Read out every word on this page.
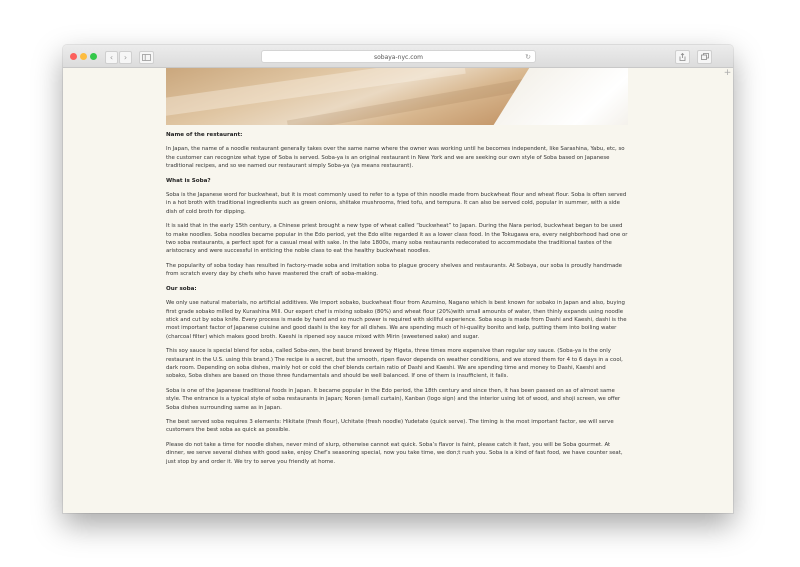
‹	›	sobaya-nyc.com	↻
+
Name of the restaurant:

In Japan, the name of a noodle restaurant generally takes over the same name where the owner was working until he becomes independent, like Sarashina, Yabu, etc, so the customer can recognize what type of Soba is served. Soba-ya is an original restaurant in New York and we are seeking our own style of Soba based on Japanese traditional recipes, and so we named our restaurant simply Soba-ya (ya means restaurant).

What is Soba?

Soba is the Japanese word for buckwheat, but it is most commonly used to refer to a type of thin noodle made from buckwheat flour and wheat flour. Soba is often served in a hot broth with traditional ingredients such as green onions, shiitake mushrooms, fried tofu, and tempura. It can also be served cold, popular in summer, with a side dish of cold broth for dipping.

It is said that in the early 15th century, a Chinese priest brought a new type of wheat called “buckwheat” to Japan. During the Nara period, buckwheat began to be used to make noodles. Soba noodles became popular in the Edo period, yet the Edo elite regarded it as a lower class food. In the Tokugawa era, every neighborhood had one or two soba restaurants, a perfect spot for a casual meal with sake. In the late 1800s, many soba restaurants redecorated to accommodate the traditional tastes of the aristocracy and were successful in enticing the noble class to eat the healthy buckwheat noodles.

The popularity of soba today has resulted in factory-made soba and imitation soba to plague grocery shelves and restaurants. At Sobaya, our soba is proudly handmade from scratch every day by chefs who have mastered the craft of soba-making.

Our soba:

We only use natural materials, no artificial additives. We import sobako, buckwheat flour from Azumino, Nagano which is best known for sobako in Japan and also, buying first grade sobako milled by Kurashina Mill. Our expert chef is mixing sobako (80%) and wheat flour (20%)with small amounts of water, then thinly expands using noodle stick and cut by soba knife. Every process is made by hand and so much power is required with skillful experience. Soba soup is made from Dashi and Kaeshi, dashi is the most important factor of Japanese cuisine and good dashi is the key for all dishes. We are spending much of hi-quality bonito and kelp, putting them into boiling water (charcoal filter) which makes good broth. Kaeshi is ripened soy sauce mixed with Mirin (sweetened sake) and sugar.

This soy sauce is special blend for soba, called Soba-zen, the best brand brewed by Higeta, three times more expensive than regular soy sauce. (Soba-ya is the only restaurant in the U.S. using this brand.) The recipe is a secret, but the smooth, ripen flavor depends on weather conditions, and we stored them for 4 to 6 days in a cool, dark room. Depending on soba dishes, mainly hot or cold the chef blends certain ratio of Dashi and Kaeshi. We are spending time and money to Dashi, Kaeshi and sobako, Soba dishes are based on those three fundamentals and should be well balanced. If one of them is insufficient, it fails.

Soba is one of the Japanese traditional foods in Japan. It became popular in the Edo period, the 18th century and since then, it has been passed on as of almost same style. The entrance is a typical style of soba restaurants in Japan; Noren (small curtain), Kanban (logo sign) and the interior using lot of wood, and shoji screen, we offer Soba dishes surrounding same as in Japan.

The best served soba requires 3 elements: Hikitate (fresh flour), Uchitate (fresh noodle) Yudetate (quick serve). The timing is the most important factor, we will serve customers the best soba as quick as possible.

Please do not take a time for noodle dishes, never mind of slurp, otherwise cannot eat quick. Soba’s flavor is faint, please catch it fast, you will be Soba gourmet. At dinner, we serve several dishes with good sake, enjoy Chef’s seasoning special, now you take time, we don;t rush you. Soba is a kind of fast food, we have counter seat, just stop by and order it. We try to serve you friendly at home.
